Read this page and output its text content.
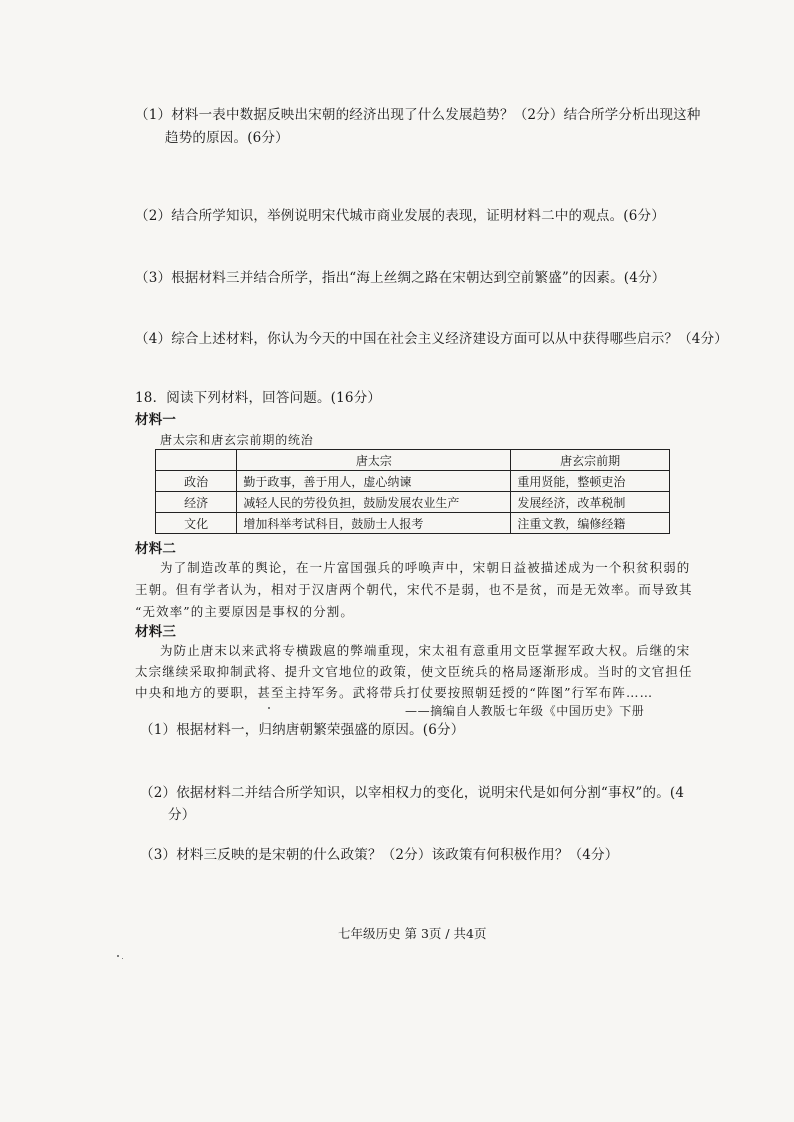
（1）材料一表中数据反映出宋朝的经济出现了什么发展趋势？（2分）结合所学分析出现这种
趋势的原因。(6分）
（2）结合所学知识，举例说明宋代城市商业发展的表现，证明材料二中的观点。(6分）
（3）根据材料三并结合所学，指出“海上丝绸之路在宋朝达到空前繁盛”的因素。(4分）
（4）综合上述材料，你认为今天的中国在社会主义经济建设方面可以从中获得哪些启示？（4分）
18．阅读下列材料，回答问题。(16分）
材料一
唐太宗和唐玄宗前期的统治
	唐太宗	唐玄宗前期
政治	勤于政事，善于用人，虚心纳谏	重用贤能，整顿吏治
经济	减轻人民的劳役负担，鼓励发展农业生产	发展经济，改革税制
文化	增加科举考试科目，鼓励士人报考	注重文教，编修经籍
材料二
为了制造改革的舆论，在一片富国强兵的呼唤声中，宋朝日益被描述成为一个积贫积弱的
王朝。但有学者认为，相对于汉唐两个朝代，宋代不是弱，也不是贫，而是无效率。而导致其
“无效率”的主要原因是事权的分割。
材料三
为防止唐末以来武将专横跋扈的弊端重现，宋太祖有意重用文臣掌握军政大权。后继的宋
太宗继续采取抑制武将、提升文官地位的政策，使文臣统兵的格局逐渐形成。当时的文官担任
中央和地方的要职，甚至主持军务。武将带兵打仗要按照朝廷授的“阵图”行军布阵……
——摘编自人教版七年级《中国历史》下册
（1）根据材料一，归纳唐朝繁荣强盛的原因。(6分）
（2）依据材料二并结合所学知识，以宰相权力的变化，说明宋代是如何分割“事权”的。(4
分）
（3）材料三反映的是宋朝的什么政策？（2分）该政策有何积极作用？（4分）
七年级历史 第 3页 / 共4页
